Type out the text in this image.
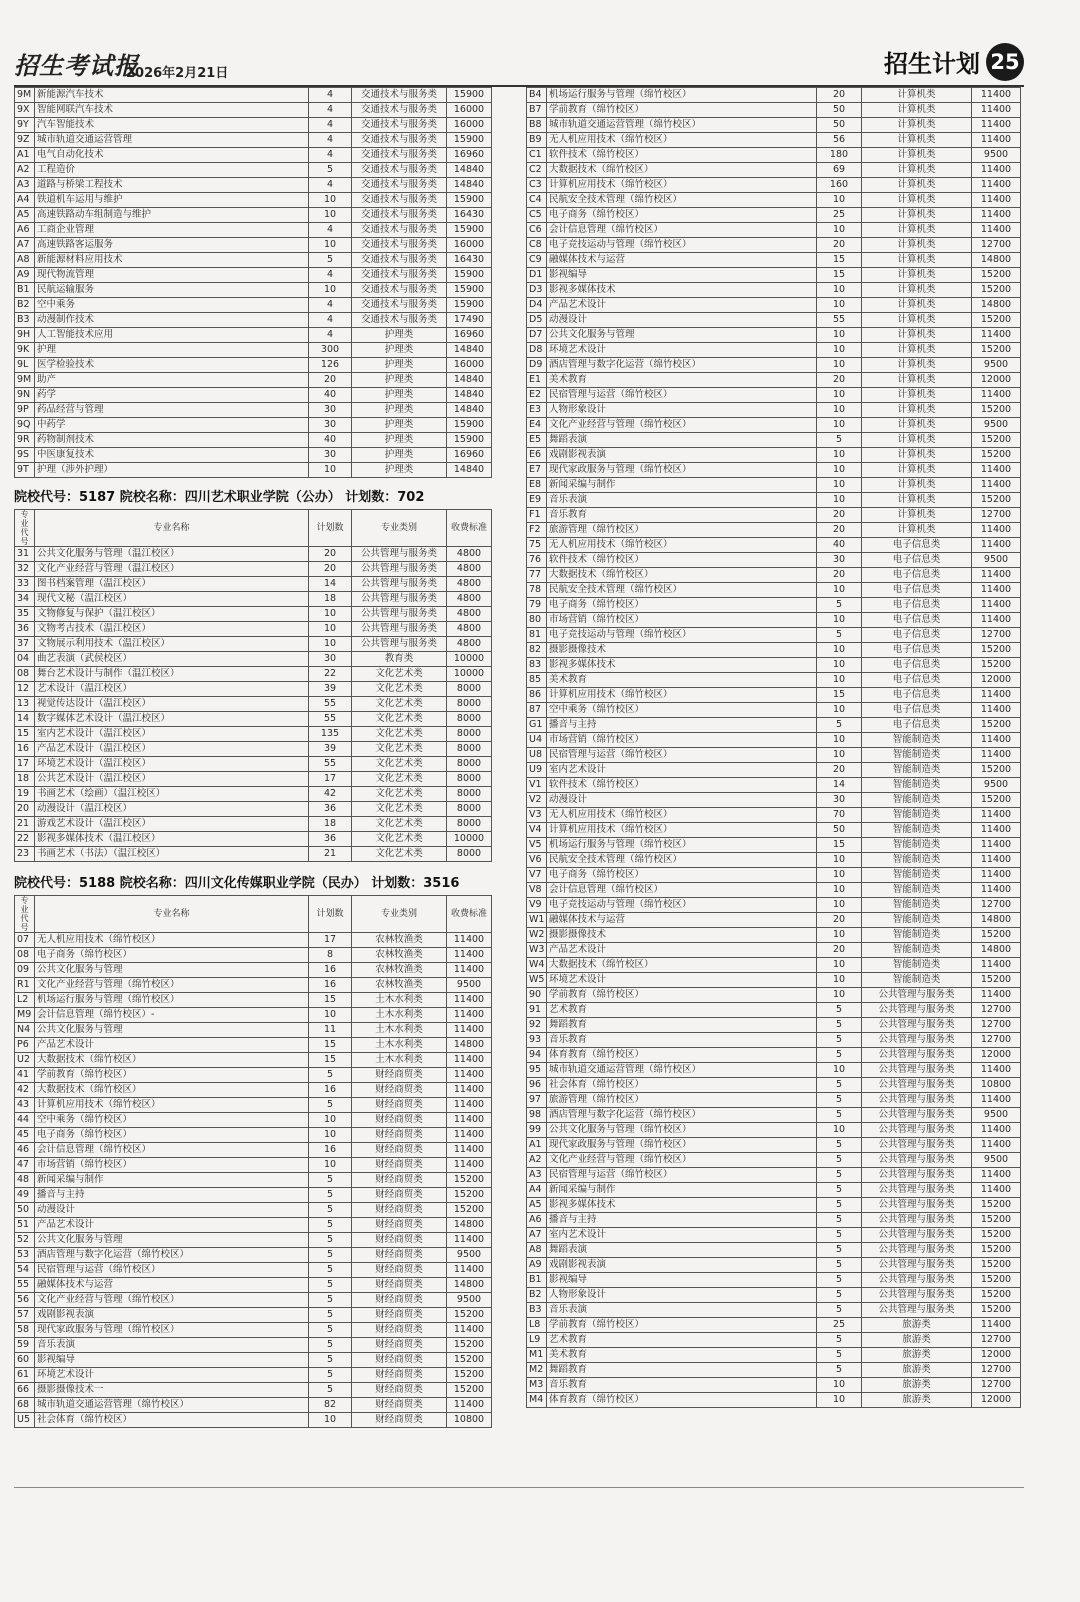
招生考试报
2026年2月21日	招生计划 25
9M	新能源汽车技术	4	交通技术与服务类	15900
9X	智能网联汽车技术	4	交通技术与服务类	16000
9Y	汽车智能技术	4	交通技术与服务类	16000
9Z	城市轨道交通运营管理	4	交通技术与服务类	15900
A1	电气自动化技术	4	交通技术与服务类	16960
A2	工程造价	5	交通技术与服务类	14840
A3	道路与桥梁工程技术	4	交通技术与服务类	14840
A4	铁道机车运用与维护	10	交通技术与服务类	15900
A5	高速铁路动车组制造与维护	10	交通技术与服务类	16430
A6	工商企业管理	4	交通技术与服务类	15900
A7	高速铁路客运服务	10	交通技术与服务类	16000
A8	新能源材料应用技术	5	交通技术与服务类	16430
A9	现代物流管理	4	交通技术与服务类	15900
B1	民航运输服务	10	交通技术与服务类	15900
B2	空中乘务	4	交通技术与服务类	15900
B3	动漫制作技术	4	交通技术与服务类	17490
9H	人工智能技术应用	4	护理类	16960
9K	护理	300	护理类	14840
9L	医学检验技术	126	护理类	16000
9M	助产	20	护理类	14840
9N	药学	40	护理类	14840
9P	药品经营与管理	30	护理类	14840
9Q	中药学	30	护理类	15900
9R	药物制剂技术	40	护理类	15900
9S	中医康复技术	30	护理类	16960
9T	护理（涉外护理）	10	护理类	14840
院校代号：5187 院校名称：四川艺术职业学院（公办） 计划数：702
专业代号	专业名称	计划数	专业类别	收费标准
31	公共文化服务与管理（温江校区）	20	公共管理与服务类	4800
32	文化产业经营与管理（温江校区）	20	公共管理与服务类	4800
33	图书档案管理（温江校区）	14	公共管理与服务类	4800
34	现代文秘（温江校区）	18	公共管理与服务类	4800
35	文物修复与保护（温江校区）	10	公共管理与服务类	4800
36	文物考古技术（温江校区）	10	公共管理与服务类	4800
37	文物展示利用技术（温江校区）	10	公共管理与服务类	4800
04	曲艺表演（武侯校区）	30	教育类	10000
08	舞台艺术设计与制作（温江校区）	22	文化艺术类	10000
12	艺术设计（温江校区）	39	文化艺术类	8000
13	视觉传达设计（温江校区）	55	文化艺术类	8000
14	数字媒体艺术设计（温江校区）	55	文化艺术类	8000
15	室内艺术设计（温江校区）	135	文化艺术类	8000
16	产品艺术设计（温江校区）	39	文化艺术类	8000
17	环境艺术设计（温江校区）	55	文化艺术类	8000
18	公共艺术设计（温江校区）	17	文化艺术类	8000
19	书画艺术（绘画）（温江校区）	42	文化艺术类	8000
20	动漫设计（温江校区）	36	文化艺术类	8000
21	游戏艺术设计（温江校区）	18	文化艺术类	8000
22	影视多媒体技术（温江校区）	36	文化艺术类	10000
23	书画艺术（书法）（温江校区）	21	文化艺术类	8000
院校代号：5188 院校名称：四川文化传媒职业学院（民办） 计划数：3516
专业代号	专业名称	计划数	专业类别	收费标准
07	无人机应用技术（绵竹校区）	17	农林牧渔类	11400
08	电子商务（绵竹校区）	8	农林牧渔类	11400
09	公共文化服务与管理	16	农林牧渔类	11400
R1	文化产业经营与管理（绵竹校区）	16	农林牧渔类	9500
L2	机场运行服务与管理（绵竹校区）	15	土木水利类	11400
M9	会计信息管理（绵竹校区）-	10	土木水利类	11400
N4	公共文化服务与管理	11	土木水利类	11400
P6	产品艺术设计	15	土木水利类	14800
U2	大数据技术（绵竹校区）	15	土木水利类	11400
41	学前教育（绵竹校区）	5	财经商贸类	11400
42	大数据技术（绵竹校区）	16	财经商贸类	11400
43	计算机应用技术（绵竹校区）	5	财经商贸类	11400
44	空中乘务（绵竹校区）	10	财经商贸类	11400
45	电子商务（绵竹校区）	10	财经商贸类	11400
46	会计信息管理（绵竹校区）	16	财经商贸类	11400
47	市场营销（绵竹校区）	10	财经商贸类	11400
48	新闻采编与制作	5	财经商贸类	15200
49	播音与主持	5	财经商贸类	15200
50	动漫设计	5	财经商贸类	15200
51	产品艺术设计	5	财经商贸类	14800
52	公共文化服务与管理	5	财经商贸类	11400
53	酒店管理与数字化运营（绵竹校区）	5	财经商贸类	9500
54	民宿管理与运营（绵竹校区）	5	财经商贸类	11400
55	融媒体技术与运营	5	财经商贸类	14800
56	文化产业经营与管理（绵竹校区）	5	财经商贸类	9500
57	戏剧影视表演	5	财经商贸类	15200
58	现代家政服务与管理（绵竹校区）	5	财经商贸类	11400
59	音乐表演	5	财经商贸类	15200
60	影视编导	5	财经商贸类	15200
61	环境艺术设计	5	财经商贸类	15200
66	摄影摄像技术一	5	财经商贸类	15200
68	城市轨道交通运营管理（绵竹校区）	82	财经商贸类	11400
U5	社会体育（绵竹校区）	10	财经商贸类	10800
B4	机场运行服务与管理（绵竹校区）	20	计算机类	11400
B7	学前教育（绵竹校区）	50	计算机类	11400
B8	城市轨道交通运营管理（绵竹校区）	50	计算机类	11400
B9	无人机应用技术（绵竹校区）	56	计算机类	11400
C1	软件技术（绵竹校区）	180	计算机类	9500
C2	大数据技术（绵竹校区）	69	计算机类	11400
C3	计算机应用技术（绵竹校区）	160	计算机类	11400
C4	民航安全技术管理（绵竹校区）	10	计算机类	11400
C5	电子商务（绵竹校区）	25	计算机类	11400
C6	会计信息管理（绵竹校区）	10	计算机类	11400
C8	电子竞技运动与管理（绵竹校区）	20	计算机类	12700
C9	融媒体技术与运营	15	计算机类	14800
D1	影视编导	15	计算机类	15200
D3	影视多媒体技术	10	计算机类	15200
D4	产品艺术设计	10	计算机类	14800
D5	动漫设计	55	计算机类	15200
D7	公共文化服务与管理	10	计算机类	11400
D8	环境艺术设计	10	计算机类	15200
D9	酒店管理与数字化运营（绵竹校区）	10	计算机类	9500
E1	美术教育	20	计算机类	12000
E2	民宿管理与运营（绵竹校区）	10	计算机类	11400
E3	人物形象设计	10	计算机类	15200
E4	文化产业经营与管理（绵竹校区）	10	计算机类	9500
E5	舞蹈表演	5	计算机类	15200
E6	戏剧影视表演	10	计算机类	15200
E7	现代家政服务与管理（绵竹校区）	10	计算机类	11400
E8	新闻采编与制作	10	计算机类	11400
E9	音乐表演	10	计算机类	15200
F1	音乐教育	20	计算机类	12700
F2	旅游管理（绵竹校区）	20	计算机类	11400
75	无人机应用技术（绵竹校区）	40	电子信息类	11400
76	软件技术（绵竹校区）	30	电子信息类	9500
77	大数据技术（绵竹校区）	20	电子信息类	11400
78	民航安全技术管理（绵竹校区）	10	电子信息类	11400
79	电子商务（绵竹校区）	5	电子信息类	11400
80	市场营销（绵竹校区）	10	电子信息类	11400
81	电子竞技运动与管理（绵竹校区）	5	电子信息类	12700
82	摄影摄像技术	10	电子信息类	15200
83	影视多媒体技术	10	电子信息类	15200
85	美术教育	10	电子信息类	12000
86	计算机应用技术（绵竹校区）	15	电子信息类	11400
87	空中乘务（绵竹校区）	10	电子信息类	11400
G1	播音与主持	5	电子信息类	15200
U4	市场营销（绵竹校区）	10	智能制造类	11400
U8	民宿管理与运营（绵竹校区）	10	智能制造类	11400
U9	室内艺术设计	20	智能制造类	15200
V1	软件技术（绵竹校区）	14	智能制造类	9500
V2	动漫设计	30	智能制造类	15200
V3	无人机应用技术（绵竹校区）	70	智能制造类	11400
V4	计算机应用技术（绵竹校区）	50	智能制造类	11400
V5	机场运行服务与管理（绵竹校区）	15	智能制造类	11400
V6	民航安全技术管理（绵竹校区）	10	智能制造类	11400
V7	电子商务（绵竹校区）	10	智能制造类	11400
V8	会计信息管理（绵竹校区）	10	智能制造类	11400
V9	电子竞技运动与管理（绵竹校区）	10	智能制造类	12700
W1	融媒体技术与运营	20	智能制造类	14800
W2	摄影摄像技术	10	智能制造类	15200
W3	产品艺术设计	20	智能制造类	14800
W4	大数据技术（绵竹校区）	10	智能制造类	11400
W5	环境艺术设计	10	智能制造类	15200
90	学前教育（绵竹校区）	10	公共管理与服务类	11400
91	艺术教育	5	公共管理与服务类	12700
92	舞蹈教育	5	公共管理与服务类	12700
93	音乐教育	5	公共管理与服务类	12700
94	体育教育（绵竹校区）	5	公共管理与服务类	12000
95	城市轨道交通运营管理（绵竹校区）	10	公共管理与服务类	11400
96	社会体育（绵竹校区）	5	公共管理与服务类	10800
97	旅游管理（绵竹校区）	5	公共管理与服务类	11400
98	酒店管理与数字化运营（绵竹校区）	5	公共管理与服务类	9500
99	公共文化服务与管理（绵竹校区）	10	公共管理与服务类	11400
A1	现代家政服务与管理（绵竹校区）	5	公共管理与服务类	11400
A2	文化产业经营与管理（绵竹校区）	5	公共管理与服务类	9500
A3	民宿管理与运营（绵竹校区）	5	公共管理与服务类	11400
A4	新闻采编与制作	5	公共管理与服务类	11400
A5	影视多媒体技术	5	公共管理与服务类	15200
A6	播音与主持	5	公共管理与服务类	15200
A7	室内艺术设计	5	公共管理与服务类	15200
A8	舞蹈表演	5	公共管理与服务类	15200
A9	戏剧影视表演	5	公共管理与服务类	15200
B1	影视编导	5	公共管理与服务类	15200
B2	人物形象设计	5	公共管理与服务类	15200
B3	音乐表演	5	公共管理与服务类	15200
L8	学前教育（绵竹校区）	25	旅游类	11400
L9	艺术教育	5	旅游类	12700
M1	美术教育	5	旅游类	12000
M2	舞蹈教育	5	旅游类	12700
M3	音乐教育	10	旅游类	12700
M4	体育教育（绵竹校区）	10	旅游类	12000
